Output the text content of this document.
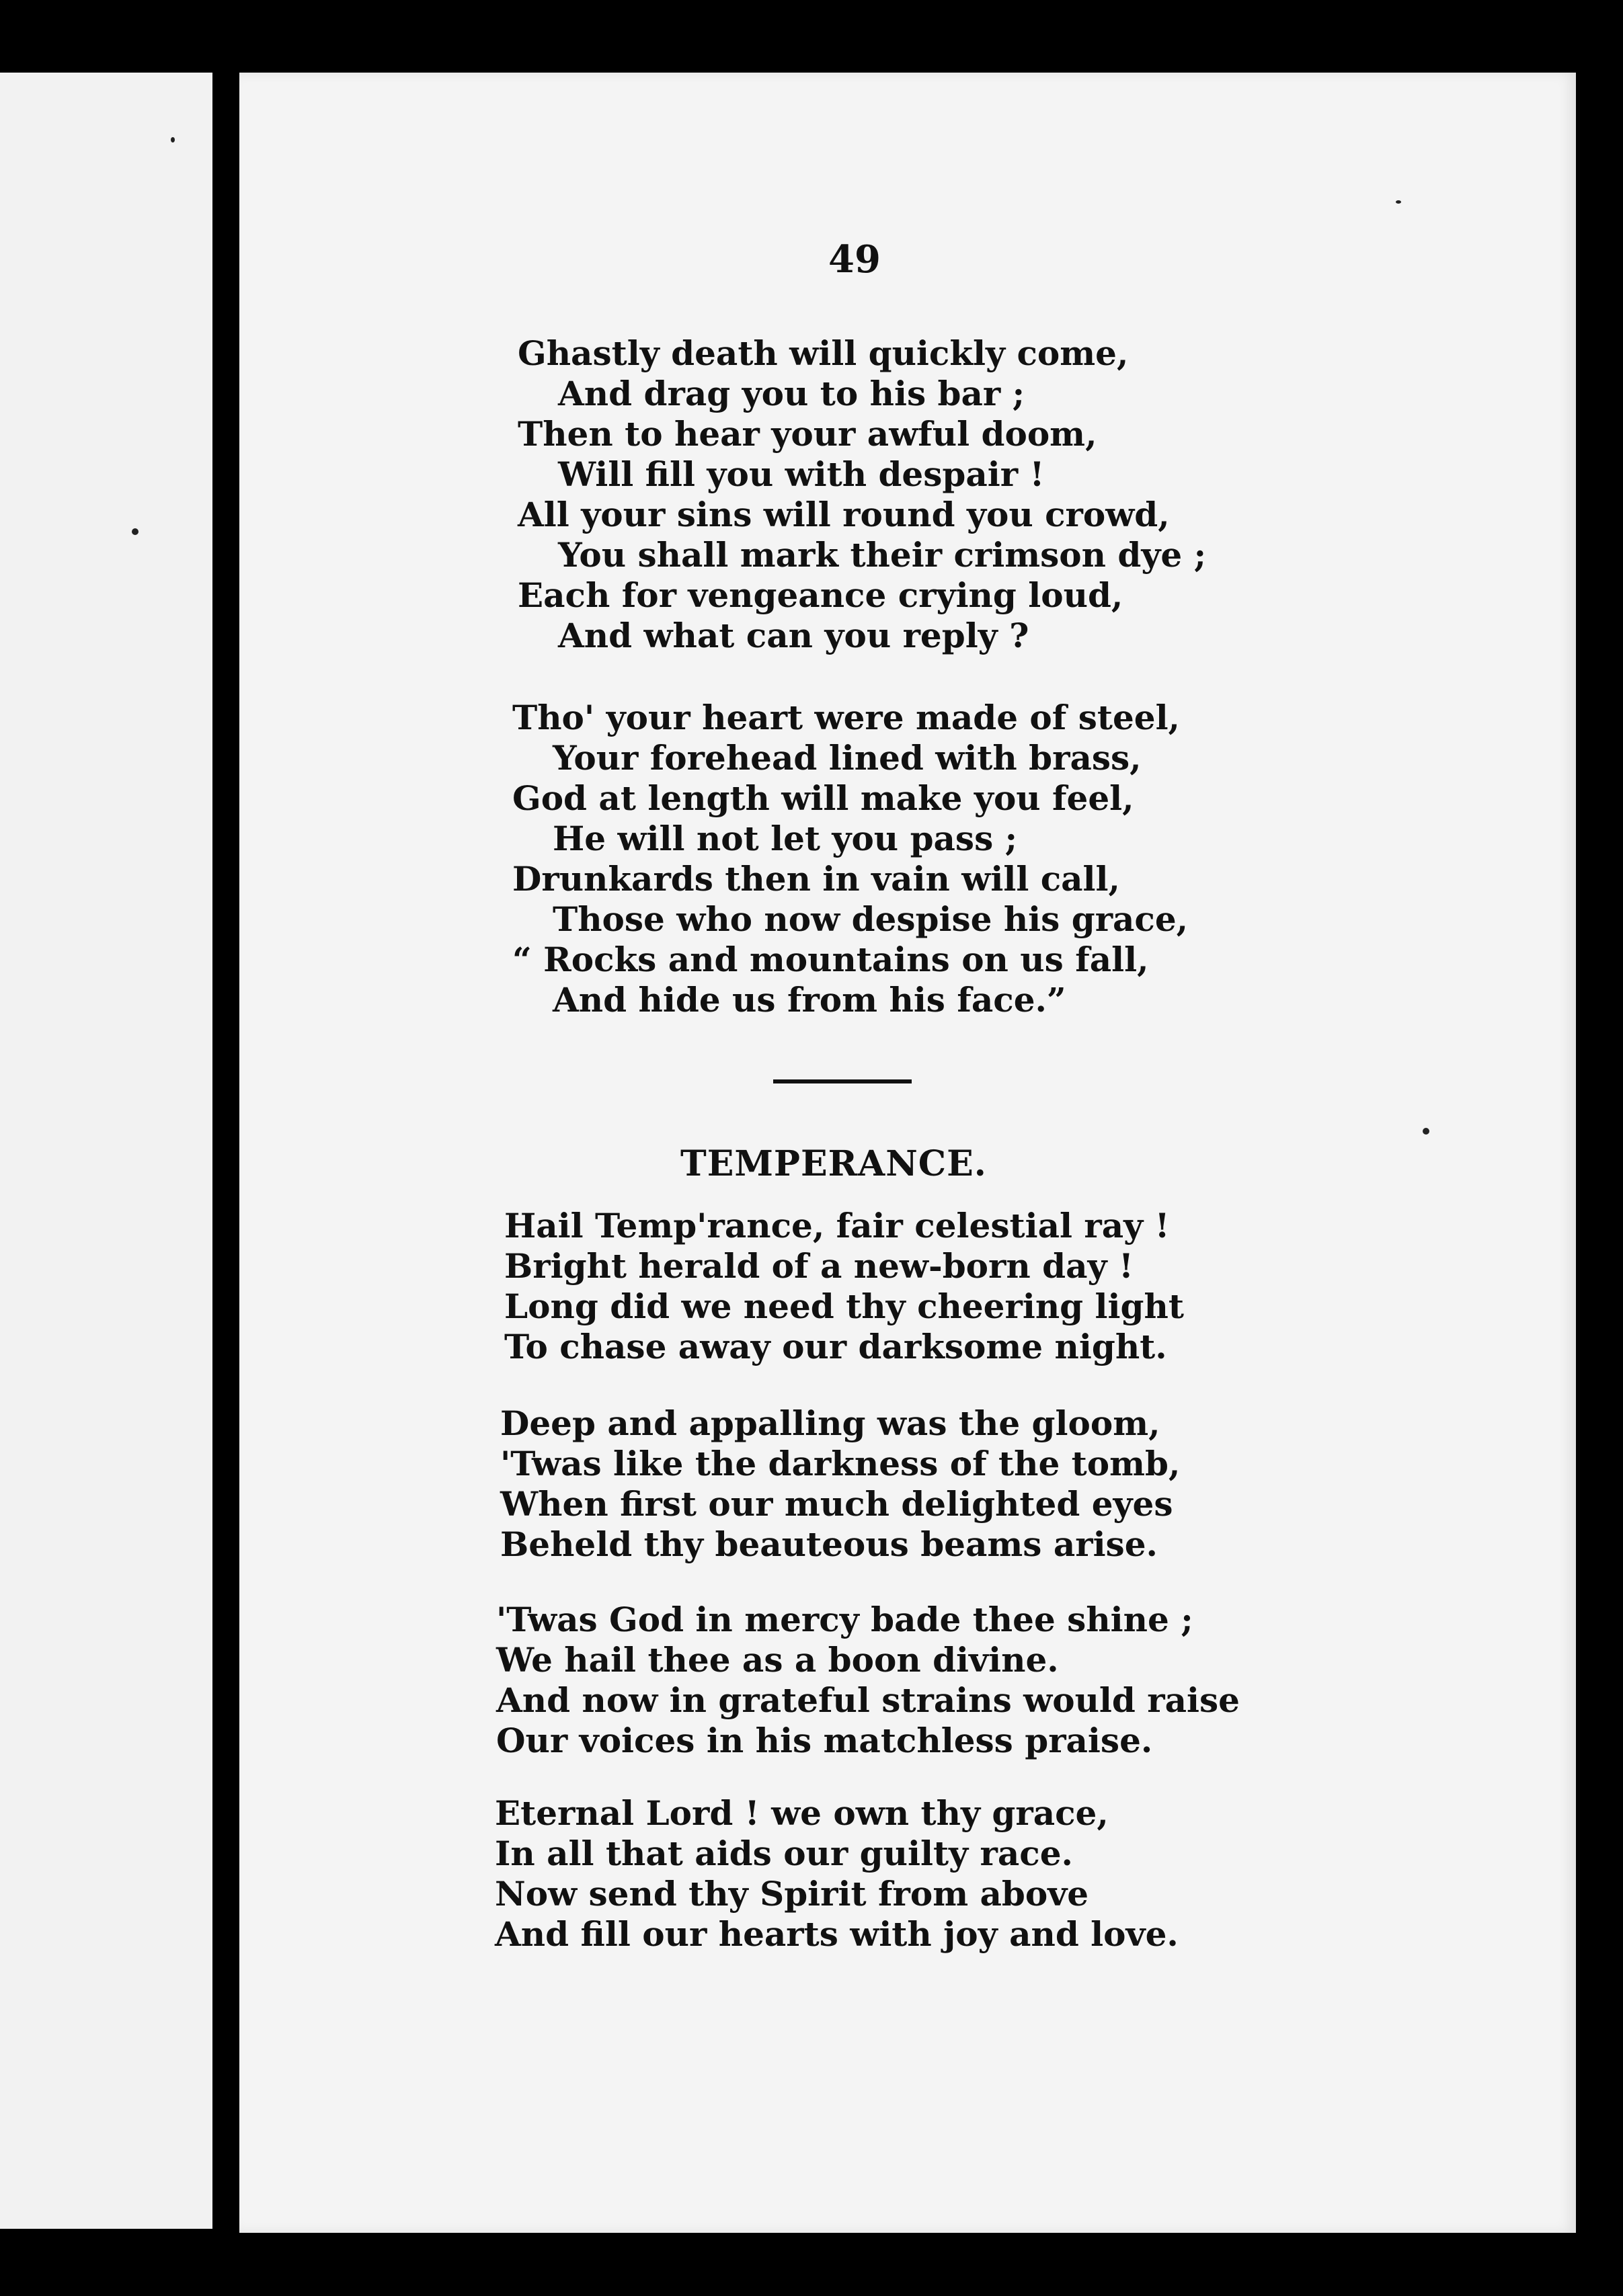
49

Ghastly death will quickly come,
And drag you to his bar ;
Then to hear your awful doom,
Will fill you with despair !
All your sins will round you crowd,
You shall mark their crimson dye ;
Each for vengeance crying loud,
And what can you reply ?
Tho' your heart were made of steel,
Your forehead lined with brass,
God at length will make you feel,
He will not let you pass ;
Drunkards then in vain will call,
Those who now despise his grace,
“ Rocks and mountains on us fall,
And hide us from his face.”
TEMPERANCE.
Hail Temp'rance, fair celestial ray !
Bright herald of a new-born day !
Long did we need thy cheering light
To chase away our darksome night.
Deep and appalling was the gloom,
'Twas like the darkness of the tomb,
When first our much delighted eyes
Beheld thy beauteous beams arise.
'Twas God in mercy bade thee shine ;
We hail thee as a boon divine.
And now in grateful strains would raise
Our voices in his matchless praise.
Eternal Lord ! we own thy grace,
In all that aids our guilty race.
Now send thy Spirit from above
And fill our hearts with joy and love.
